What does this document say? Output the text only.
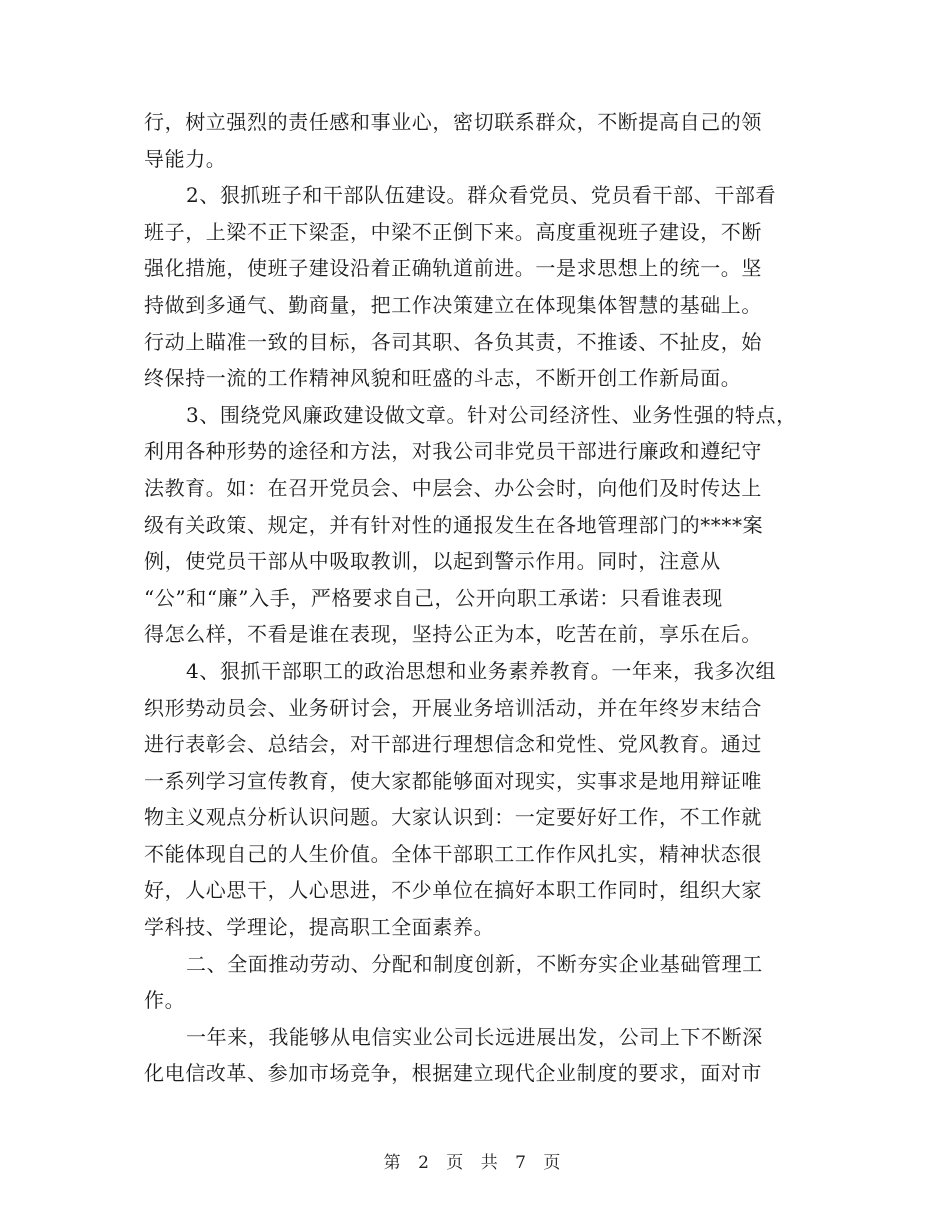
行，树立强烈的责任感和事业心，密切联系群众，不断提高自己的领
导能力。
2、狠抓班子和干部队伍建设。群众看党员、党员看干部、干部看
班子，上梁不正下梁歪，中梁不正倒下来。高度重视班子建设，不断
强化措施，使班子建设沿着正确轨道前进。一是求思想上的统一。坚
持做到多通气、勤商量，把工作决策建立在体现集体智慧的基础上。
行动上瞄准一致的目标，各司其职、各负其责，不推诿、不扯皮，始
终保持一流的工作精神风貌和旺盛的斗志，不断开创工作新局面。
3、围绕党风廉政建设做文章。针对公司经济性、业务性强的特点，
利用各种形势的途径和方法，对我公司非党员干部进行廉政和遵纪守
法教育。如：在召开党员会、中层会、办公会时，向他们及时传达上
级有关政策、规定，并有针对性的通报发生在各地管理部门的****案
例，使党员干部从中吸取教训，以起到警示作用。同时，注意从
“公”和“廉”入手，严格要求自己，公开向职工承诺：只看谁表现
得怎么样，不看是谁在表现，坚持公正为本，吃苦在前，享乐在后。
4、狠抓干部职工的政治思想和业务素养教育。一年来，我多次组
织形势动员会、业务研讨会，开展业务培训活动，并在年终岁末结合
进行表彰会、总结会，对干部进行理想信念和党性、党风教育。通过
一系列学习宣传教育，使大家都能够面对现实，实事求是地用辩证唯
物主义观点分析认识问题。大家认识到：一定要好好工作，不工作就
不能体现自己的人生价值。全体干部职工工作作风扎实，精神状态很
好，人心思干，人心思进，不少单位在搞好本职工作同时，组织大家
学科技、学理论，提高职工全面素养。
二、全面推动劳动、分配和制度创新，不断夯实企业基础管理工
作。
一年来，我能够从电信实业公司长远进展出发，公司上下不断深
化电信改革、参加市场竞争，根据建立现代企业制度的要求，面对市
第 2 页 共 7 页
